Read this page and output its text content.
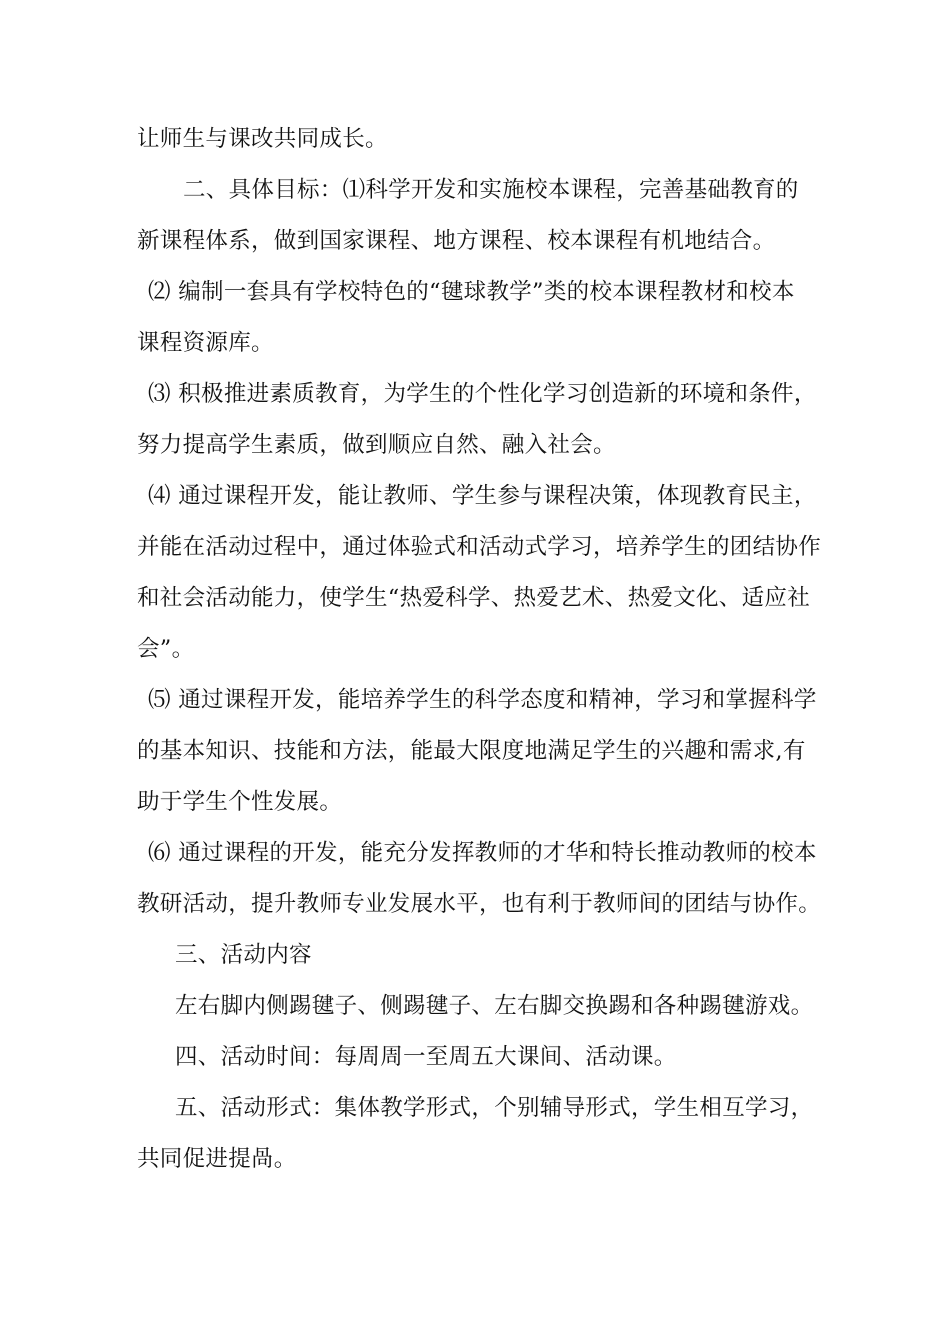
让师生与课改共同成长。
二、具体目标：⑴科学开发和实施校本课程，完善基础教育的
新课程体系，做到国家课程、地方课程、校本课程有机地结合。
⑵ 编制一套具有学校特色的“毽球教学”类的校本课程教材和校本
课程资源库。
⑶ 积极推进素质教育，为学生的个性化学习创造新的环境和条件，
努力提高学生素质，做到顺应自然、融入社会。
⑷ 通过课程开发，能让教师、学生参与课程决策，体现教育民主，
并能在活动过程中，通过体验式和活动式学习，培养学生的团结协作
和社会活动能力，使学生“热爱科学、热爱艺术、热爱文化、适应社
会”。
⑸ 通过课程开发，能培养学生的科学态度和精神，学习和掌握科学
的基本知识、技能和方法，能最大限度地满足学生的兴趣和需求,有
助于学生个性发展。
⑹ 通过课程的开发，能充分发挥教师的才华和特长推动教师的校本
教研活动，提升教师专业发展水平，也有利于教师间的团结与协作。
三、活动内容
左右脚内侧踢毽子、侧踢毽子、左右脚交换踢和各种踢毽游戏。
四、活动时间：每周周一至周五大课间、活动课。
五、活动形式：集体教学形式，个别辅导形式，学生相互学习，
共同促进提咼。
